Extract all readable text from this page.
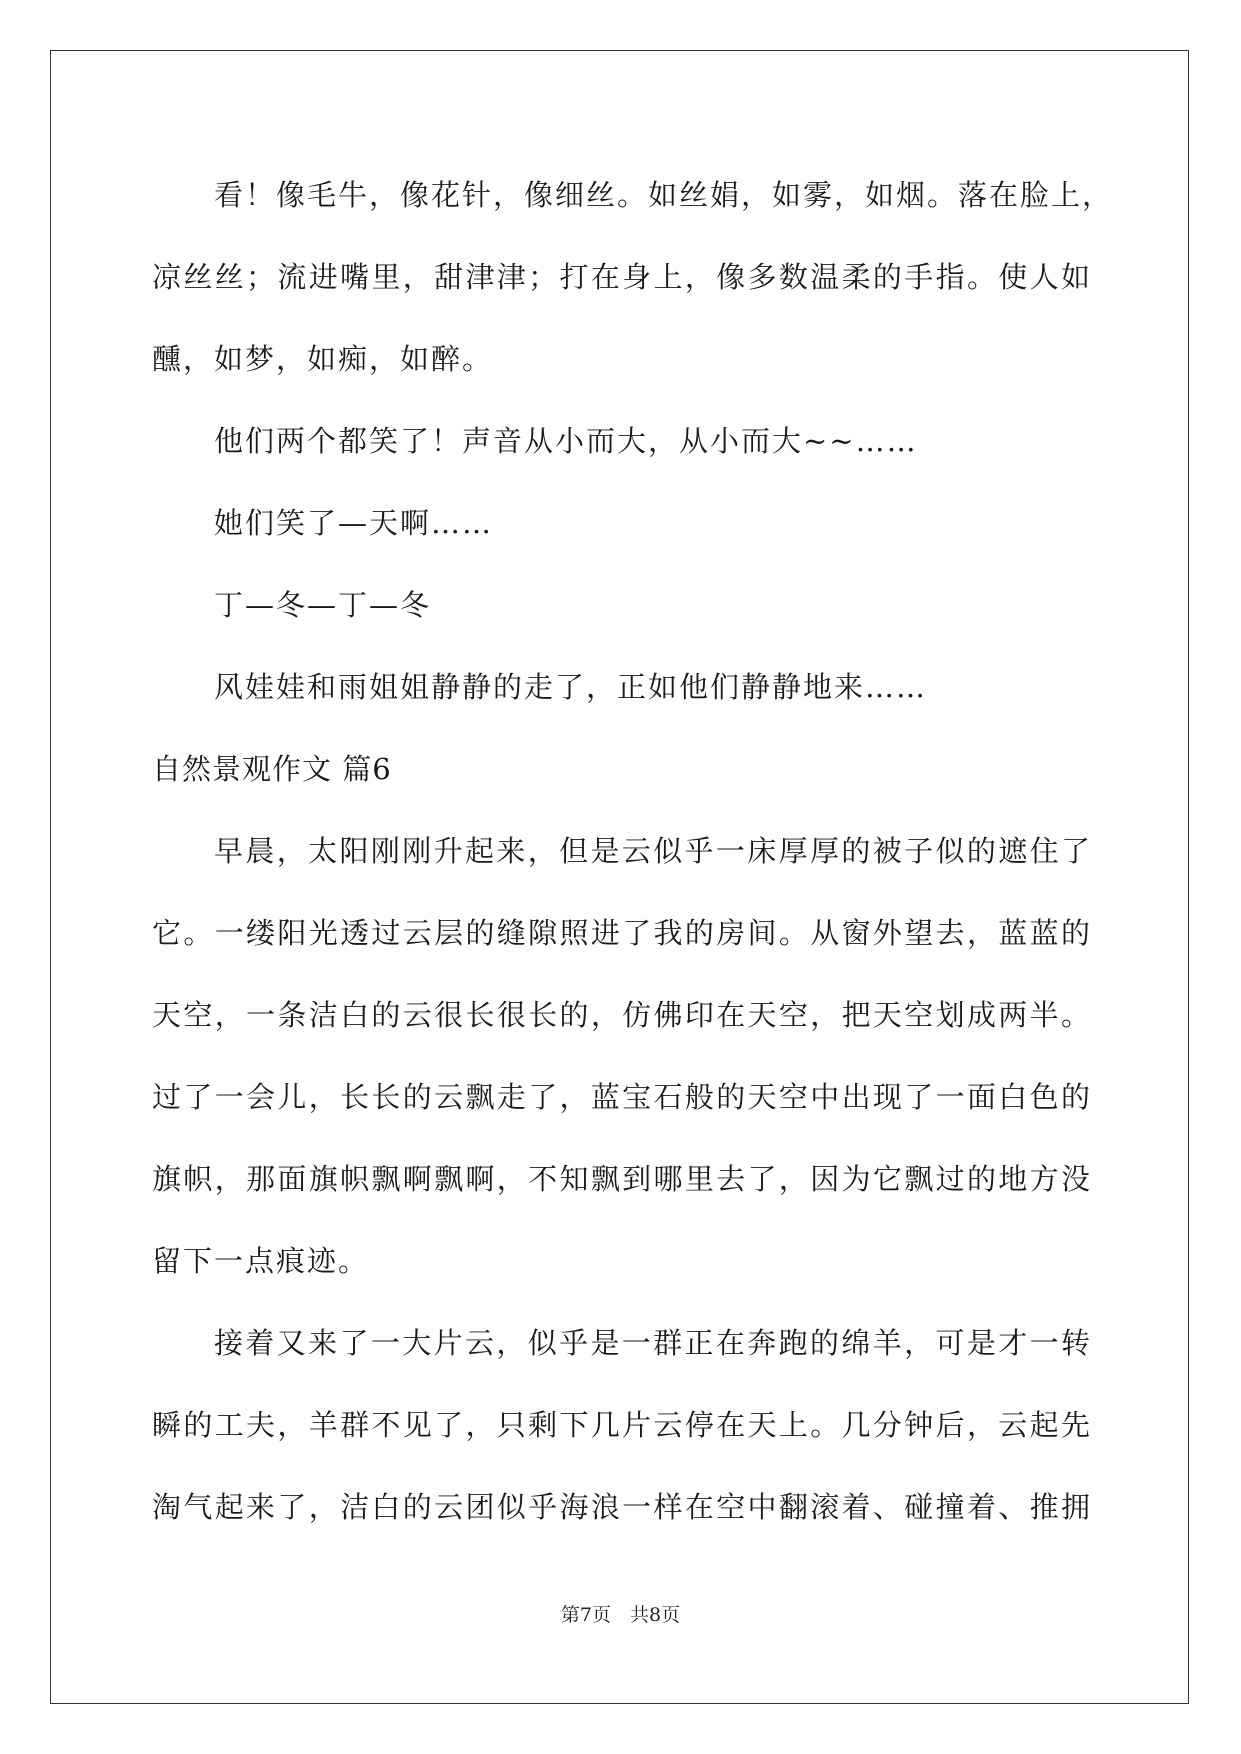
看！像毛牛，像花针，像细丝。如丝娟，如雾，如烟。落在脸上，
凉丝丝；流进嘴里，甜津津；打在身上，像多数温柔的手指。使人如
醺，如梦，如痴，如醉。
他们两个都笑了！声音从小而大，从小而大~~……
她们笑了—天啊……
丁—冬—丁—冬
风娃娃和雨姐姐静静的走了，正如他们静静地来……
自然景观作文 篇6
早晨，太阳刚刚升起来，但是云似乎一床厚厚的被子似的遮住了
它。一缕阳光透过云层的缝隙照进了我的房间。从窗外望去，蓝蓝的
天空，一条洁白的云很长很长的，仿佛印在天空，把天空划成两半。
过了一会儿，长长的云飘走了，蓝宝石般的天空中出现了一面白色的
旗帜，那面旗帜飘啊飘啊，不知飘到哪里去了，因为它飘过的地方没
留下一点痕迹。
接着又来了一大片云，似乎是一群正在奔跑的绵羊，可是才一转
瞬的工夫，羊群不见了，只剩下几片云停在天上。几分钟后，云起先
淘气起来了，洁白的云团似乎海浪一样在空中翻滚着、碰撞着、推拥
第7页　共8页
